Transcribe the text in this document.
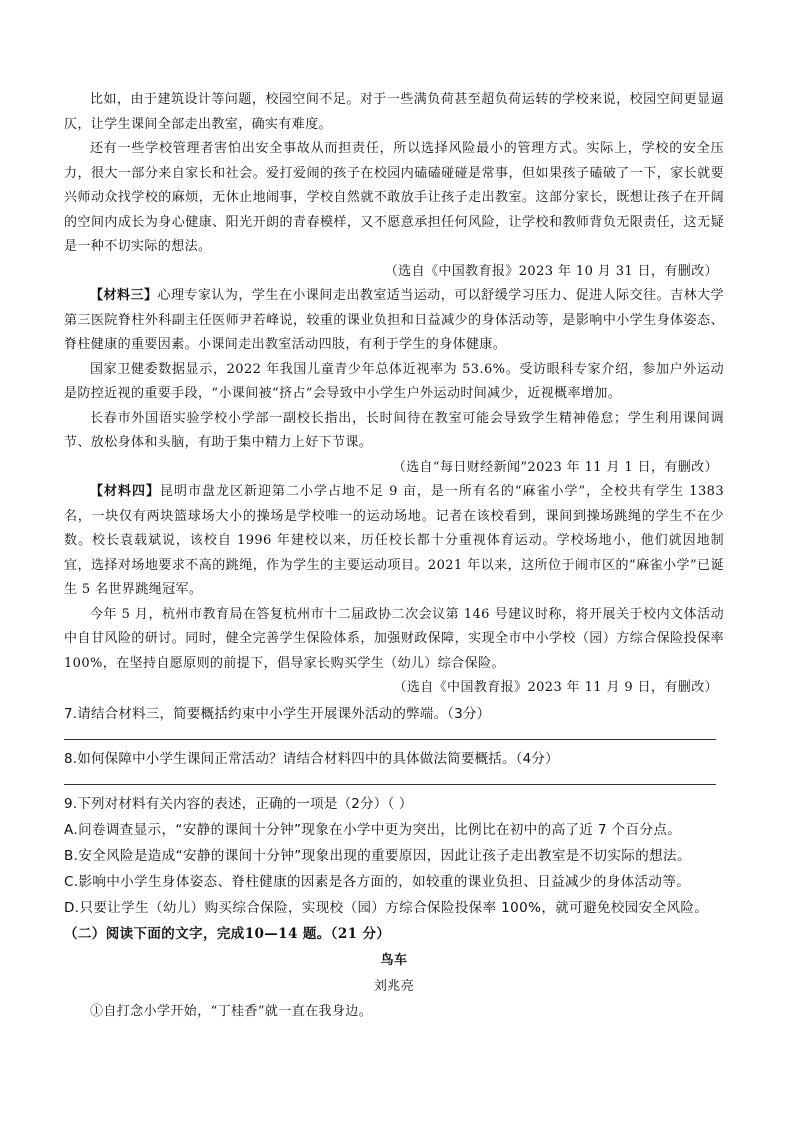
比如，由于建筑设计等问题，校园空间不足。对于一些满负荷甚至超负荷运转的学校来说，校园空间更显逼仄，让学生课间全部走出教室，确实有难度。

还有一些学校管理者害怕出安全事故从而担责任，所以选择风险最小的管理方式。实际上，学校的安全压力，很大一部分来自家长和社会。爱打爱闹的孩子在校园内磕磕碰碰是常事，但如果孩子磕破了一下，家长就要兴师动众找学校的麻烦，无休止地闹事，学校自然就不敢放手让孩子走出教室。这部分家长，既想让孩子在开阔的空间内成长为身心健康、阳光开朗的青春模样，又不愿意承担任何风险，让学校和教师背负无限责任，这无疑是一种不切实际的想法。

（选自《中国教育报》2023 年 10 月 31 日，有删改）

【材料三】心理专家认为，学生在小课间走出教室适当运动，可以舒缓学习压力、促进人际交往。吉林大学第三医院脊柱外科副主任医师尹若峰说，较重的课业负担和日益减少的身体活动等，是影响中小学生身体姿态、脊柱健康的重要因素。小课间走出教室活动四肢，有利于学生的身体健康。

国家卫健委数据显示，2022 年我国儿童青少年总体近视率为 53.6%。受访眼科专家介绍，参加户外运动是防控近视的重要手段，“小课间被“挤占”会导致中小学生户外运动时间减少，近视概率增加。

长春市外国语实验学校小学部一副校长指出，长时间待在教室可能会导致学生精神倦怠；学生利用课间调节、放松身体和头脑，有助于集中精力上好下节课。

（选自“每日财经新闻”2023 年 11 月 1 日，有删改）

【材料四】昆明市盘龙区新迎第二小学占地不足 9 亩，是一所有名的“麻雀小学”，全校共有学生 1383 名，一块仅有两块篮球场大小的操场是学校唯一的运动场地。记者在该校看到，课间到操场跳绳的学生不在少数。校长袁载斌说，该校自 1996 年建校以来，历任校长都十分重视体育运动。学校场地小，他们就因地制宜，选择对场地要求不高的跳绳，作为学生的主要运动项目。2021 年以来，这所位于闹市区的“麻雀小学”已诞生 5 名世界跳绳冠军。

今年 5 月，杭州市教育局在答复杭州市十二届政协二次会议第 146 号建议时称，将开展关于校内文体活动中自甘风险的研讨。同时，健全完善学生保险体系，加强财政保障，实现全市中小学校（园）方综合保险投保率 100%，在坚持自愿原则的前提下，倡导家长购买学生（幼儿）综合保险。

（选自《中国教育报》2023 年 11 月 9 日，有删改）

7.请结合材料三，简要概括约束中小学生开展课外活动的弊端。（3分）

8.如何保障中小学生课间正常活动？请结合材料四中的具体做法简要概括。（4分）

9.下列对材料有关内容的表述，正确的一项是（2分）（ ）

A.问卷调查显示，“安静的课间十分钟”现象在小学中更为突出，比例比在初中的高了近 7 个百分点。

B.安全风险是造成“安静的课间十分钟”现象出现的重要原因，因此让孩子走出教室是不切实际的想法。

C.影响中小学生身体姿态、脊柱健康的因素是各方面的，如较重的课业负担、日益减少的身体活动等。

D.只要让学生（幼儿）购买综合保险，实现校（园）方综合保险投保率 100%，就可避免校园安全风险。

（二）阅读下面的文字，完成10—14 题。（21 分）

鸟车

刘兆亮

①自打念小学开始，“丁桂香”就一直在我身边。
